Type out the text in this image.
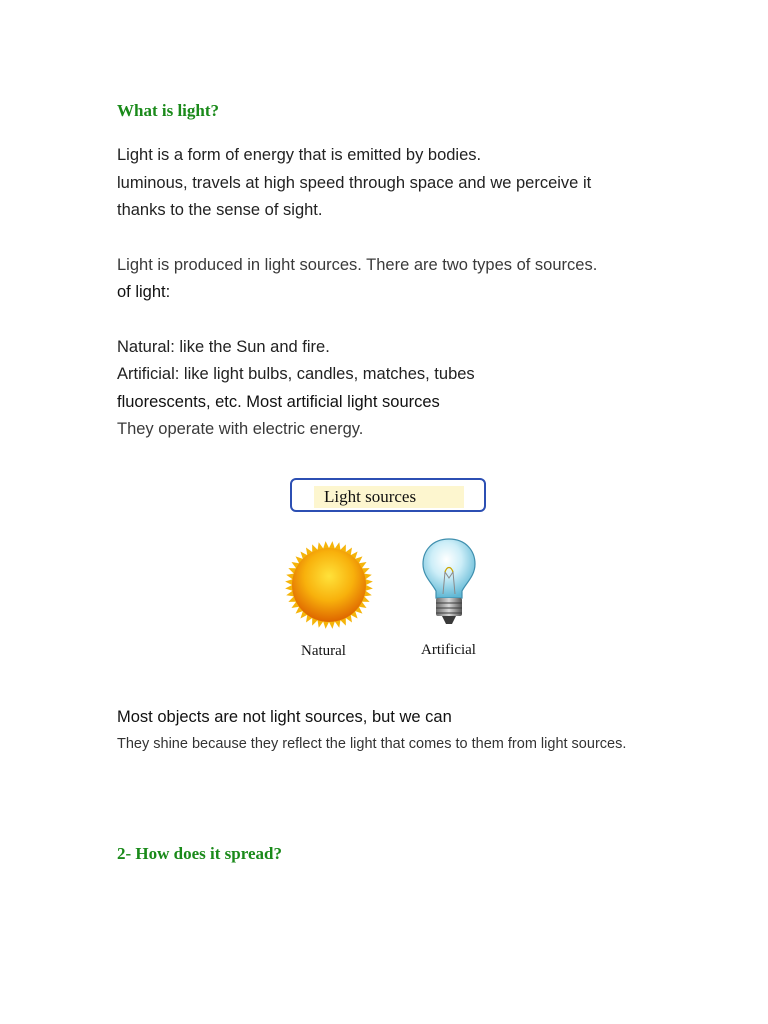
What is light?

Light is a form of energy that is emitted by bodies.

luminous, travels at high speed through space and we perceive it

thanks to the sense of sight.

Light is produced in light sources. There are two types of sources.

of light:

Natural: like the Sun and fire.

Artificial: like light bulbs, candles, matches, tubes

fluorescents, etc. Most artificial light sources

They operate with electric energy.

Light sources
Natural	Artificial

Most objects are not light sources, but we can

They shine because they reflect the light that comes to them from light sources.

2- How does it spread?
